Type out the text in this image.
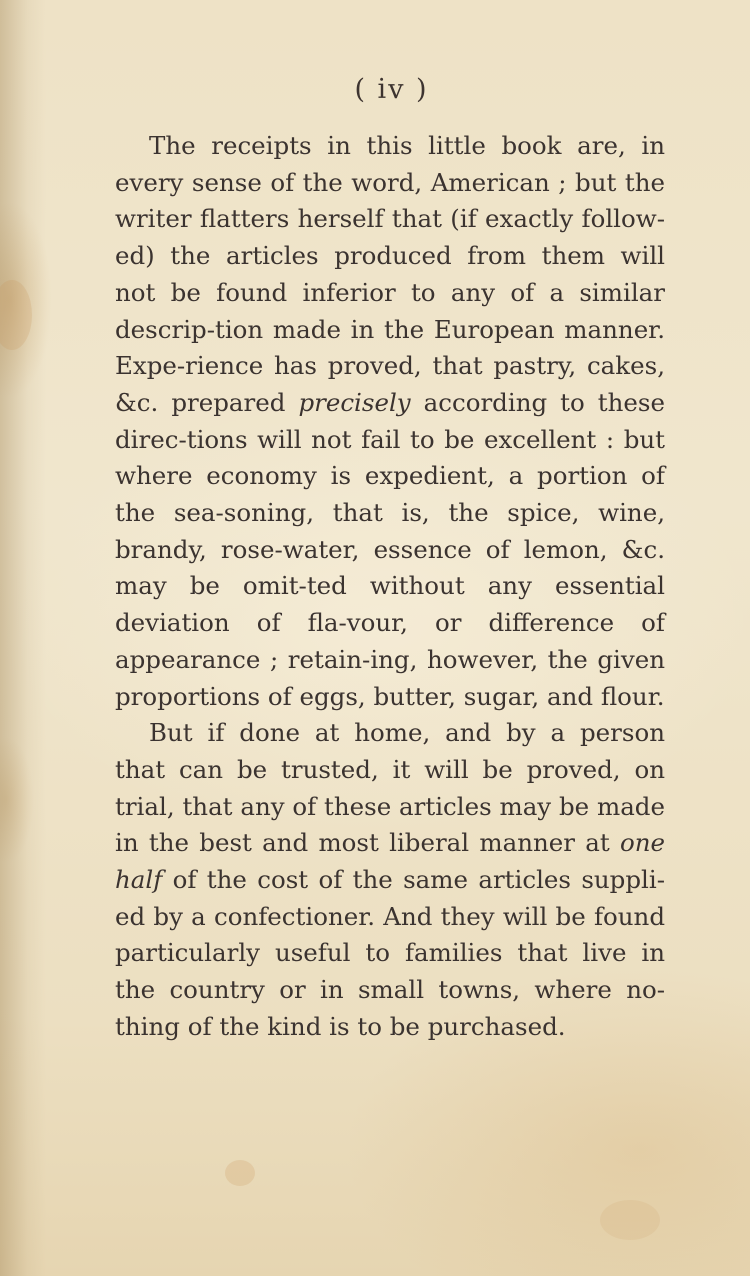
( iv )

The receipts in this little book are, in every sense of the word, American ; but the writer flatters herself that (if exactly follow-ed) the articles produced from them will not be found inferior to any of a similar descrip-tion made in the European manner. Expe-rience has proved, that pastry, cakes, &c. prepared precisely according to these direc-tions will not fail to be excellent : but where economy is expedient, a portion of the sea-soning, that is, the spice, wine, brandy, rose-water, essence of lemon, &c. may be omit-ted without any essential deviation of fla-vour, or difference of appearance ; retain-ing, however, the given proportions of eggs, butter, sugar, and flour.

But if done at home, and by a person that can be trusted, it will be proved, on trial, that any of these articles may be made in the best and most liberal manner at one half of the cost of the same articles suppli-ed by a confectioner. And they will be found particularly useful to families that live in the country or in small towns, where no-thing of the kind is to be purchased.
